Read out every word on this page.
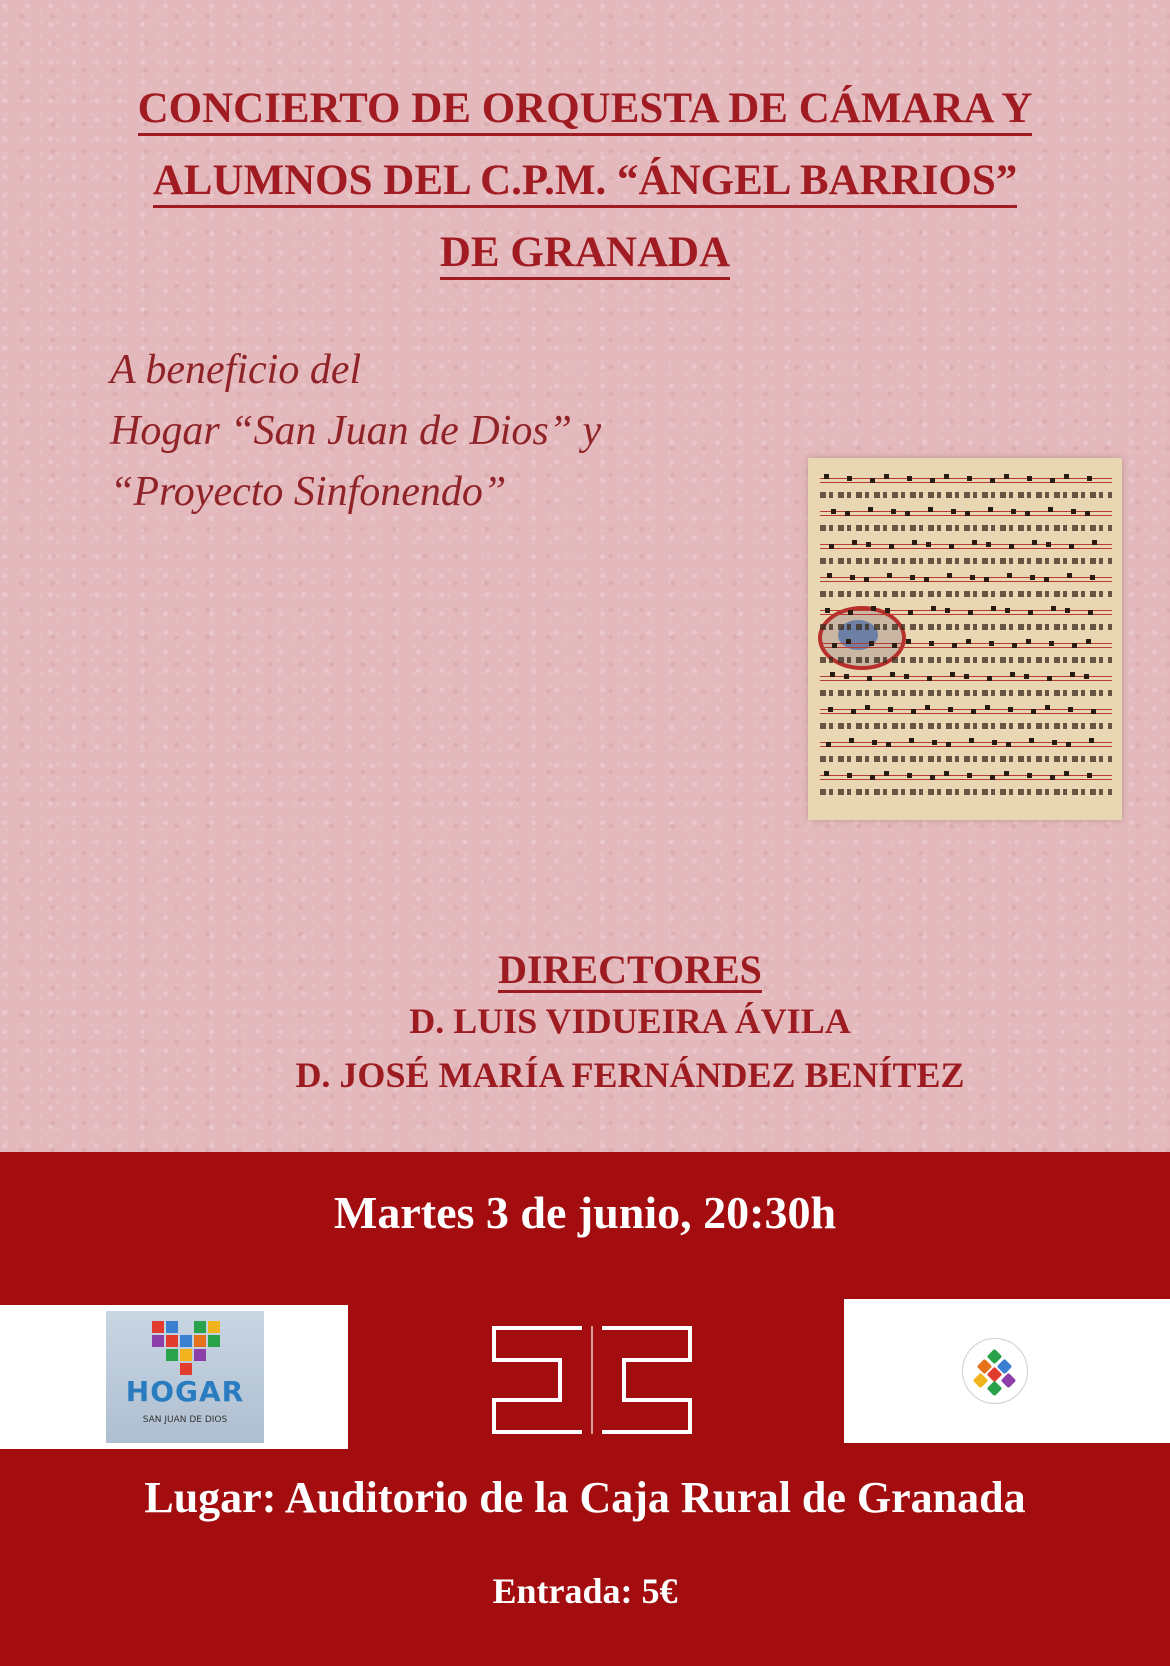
CONCIERTO DE ORQUESTA DE CÁMARA Y
ALUMNOS DEL C.P.M. “ÁNGEL BARRIOS”
DE GRANADA
A beneficio del
Hogar “San Juan de Dios” y
“Proyecto Sinfonendo”
DIRECTORES
D. LUIS VIDUEIRA ÁVILA
D. JOSÉ MARÍA FERNÁNDEZ BENÍTEZ
Martes 3 de junio, 20:30h
HOGAR
SAN JUAN DE DIOS
Lugar: Auditorio de la Caja Rural de Granada
Entrada: 5€
